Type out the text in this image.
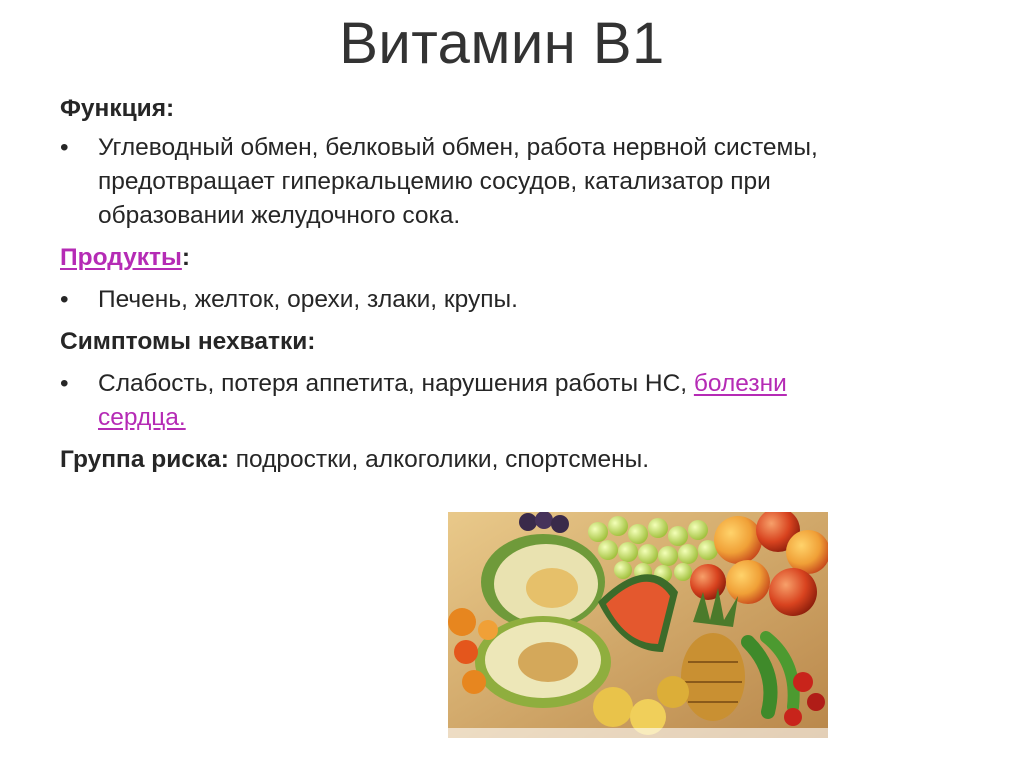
Витамин В1

Функция:

• Углеводный обмен, белковый обмен, работа нервной системы,
предотвращает гиперкальцемию сосудов, катализатор при
образовании желудочного сока.

Продукты:

• Печень, желток, орехи, злаки, крупы.

Симптомы нехватки:

• Слабость, потеря аппетита, нарушения работы НС, болезни
сердца.

Группа риска: подростки, алкоголики, спортсмены.
